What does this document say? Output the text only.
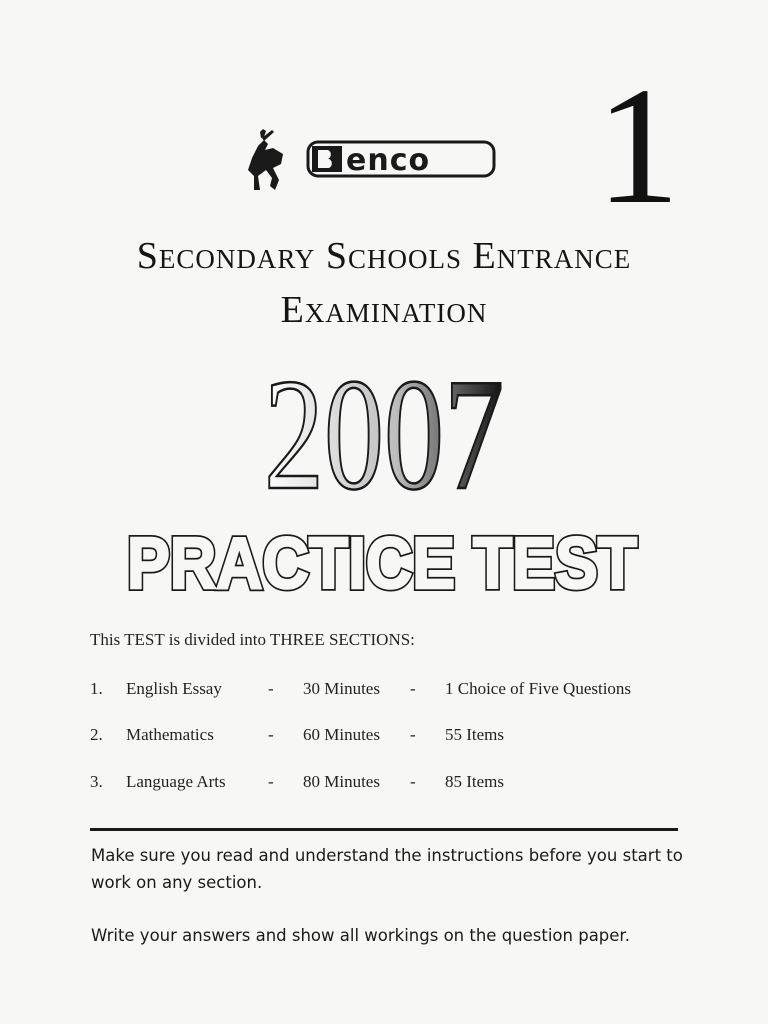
enco 1
Secondary Schools Entrance
Examination
2007
PRACTICE TEST
PRACTICE TEST
This TEST is divided into THREE SECTIONS:
1. English Essay	- 30 Minutes - 1 Choice of Five Questions
2. Mathematics	- 60 Minutes - 55 Items
3. Language Arts - 80 Minutes - 85 Items
Make sure you read and understand the instructions before you start to work on any section.
Write your answers and show all workings on the question paper.
